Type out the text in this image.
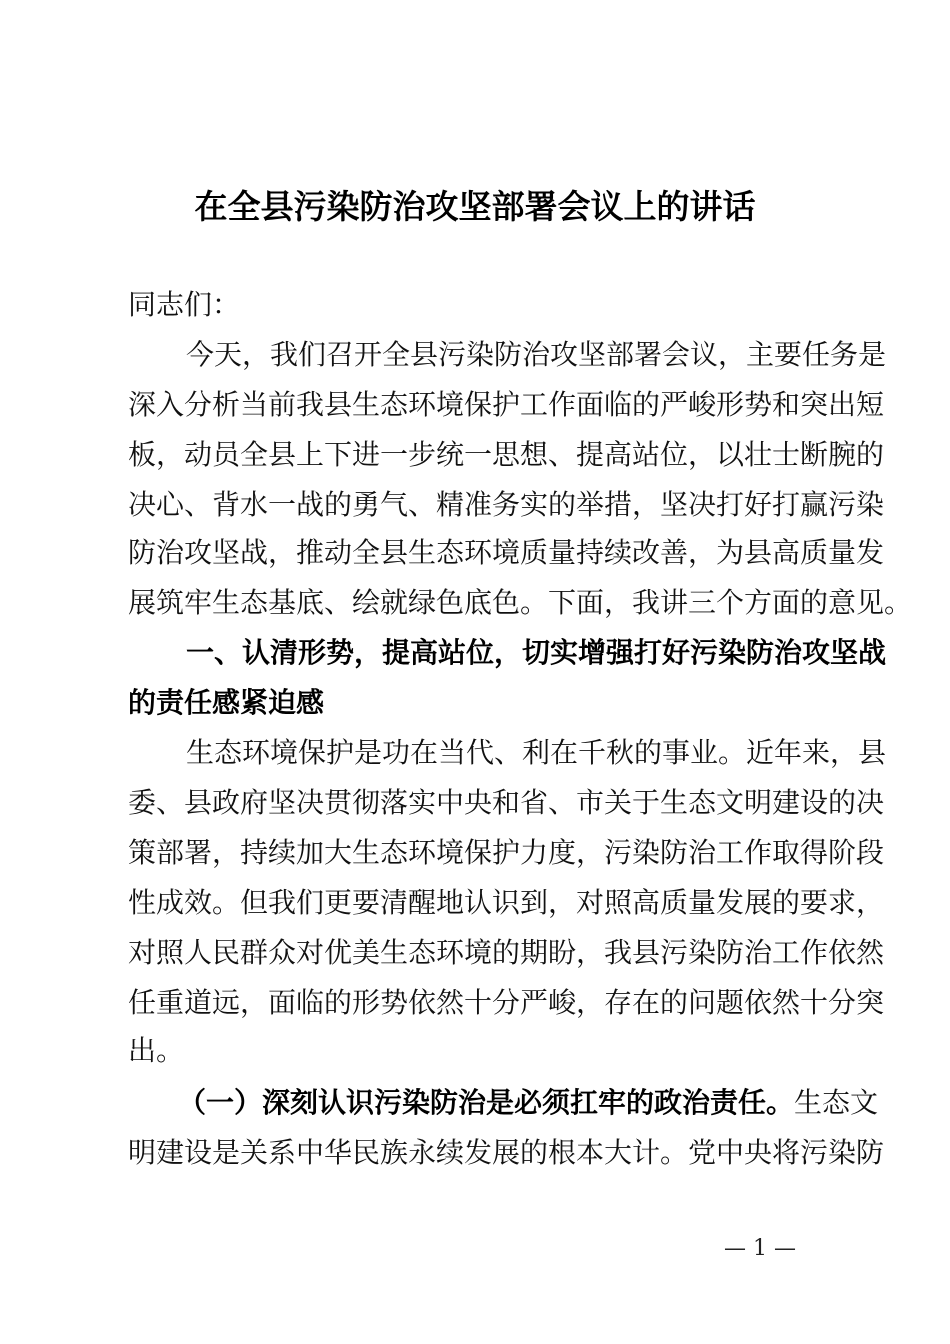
在全县污染防治攻坚部署会议上的讲话
同志们：
今天，我们召开全县污染防治攻坚部署会议，主要任务是
深入分析当前我县生态环境保护工作面临的严峻形势和突出短
板，动员全县上下进一步统一思想、提高站位，以壮士断腕的
决心、背水一战的勇气、精准务实的举措，坚决打好打赢污染
防治攻坚战，推动全县生态环境质量持续改善，为县高质量发
展筑牢生态基底、绘就绿色底色。下面，我讲三个方面的意见。
一、认清形势，提高站位，切实增强打好污染防治攻坚战
的责任感紧迫感
生态环境保护是功在当代、利在千秋的事业。近年来，县
委、县政府坚决贯彻落实中央和省、市关于生态文明建设的决
策部署，持续加大生态环境保护力度，污染防治工作取得阶段
性成效。但我们更要清醒地认识到，对照高质量发展的要求，
对照人民群众对优美生态环境的期盼，我县污染防治工作依然
任重道远，面临的形势依然十分严峻，存在的问题依然十分突
出。
（一）深刻认识污染防治是必须扛牢的政治责任。生态文
明建设是关系中华民族永续发展的根本大计。党中央将污染防
— 1 —
